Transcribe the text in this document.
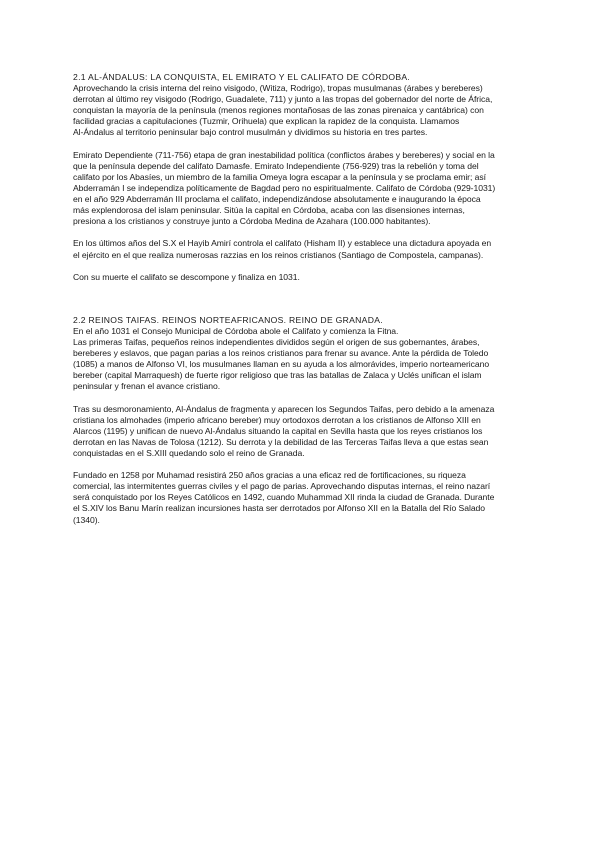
2.1 AL-ÁNDALUS: LA CONQUISTA, EL EMIRATO Y EL CALIFATO DE CÓRDOBA.

Aprovechando la crisis interna del reino visigodo, (Witiza, Rodrigo), tropas musulmanas (árabes y bereberes)
derrotan al último rey visigodo (Rodrigo, Guadalete, 711) y junto a las tropas del gobernador del norte de África,
conquistan la mayoría de la península (menos regiones montañosas de las zonas pirenaica y cantábrica) con
facilidad gracias a capitulaciones (Tuzmir, Orihuela) que explican la rapidez de la conquista. Llamamos
Al-Ándalus al territorio peninsular bajo control musulmán y dividimos su historia en tres partes.

Emirato Dependiente (711-756) etapa de gran inestabilidad política (conflictos árabes y bereberes) y social en la
que la península depende del califato Damasfe. Emirato Independiente (756-929) tras la rebelión y toma del
califato por los Abasíes, un miembro de la familia Omeya logra escapar a la península y se proclama emir; así
Abderramán I se independiza políticamente de Bagdad pero no espiritualmente. Califato de Córdoba (929-1031)
en el año 929 Abderramán III proclama el califato, independizándose absolutamente e inaugurando la época
más explendorosa del islam peninsular. Sitúa la capital en Córdoba, acaba con las disensiones internas,
presiona a los cristianos y construye junto a Córdoba Medina de Azahara (100.000 habitantes).

En los últimos años del S.X el Hayib Amirí controla el califato (Hisham II) y establece una dictadura apoyada en
el ejército en el que realiza numerosas razzias en los reinos cristianos (Santiago de Compostela, campanas).

Con su muerte el califato se descompone y finaliza en 1031.

2.2 REINOS TAIFAS. REINOS NORTEAFRICANOS. REINO DE GRANADA.

En el año 1031 el Consejo Municipal de Córdoba abole el Califato y comienza la Fitna.
Las primeras Taifas, pequeños reinos independientes divididos según el origen de sus gobernantes, árabes,
bereberes y eslavos, que pagan parias a los reinos cristianos para frenar su avance. Ante la pérdida de Toledo
(1085) a manos de Alfonso VI, los musulmanes llaman en su ayuda a los almorávides, imperio norteamericano
bereber (capital Marraquesh) de fuerte rigor religioso que tras las batallas de Zalaca y Uclés unifican el islam
peninsular y frenan el avance cristiano.

Tras su desmoronamiento, Al-Ándalus de fragmenta y aparecen los Segundos Taifas, pero debido a la amenaza
cristiana los almohades (imperio africano bereber) muy ortodoxos derrotan a los cristianos de Alfonso XIII en
Alarcos (1195) y unifican de nuevo Al-Ándalus situando la capital en Sevilla hasta que los reyes cristianos los
derrotan en las Navas de Tolosa (1212). Su derrota y la debilidad de las Terceras Taifas lleva a que estas sean
conquistadas en el S.XIII quedando solo el reino de Granada.

Fundado en 1258 por Muhamad resistirá 250 años gracias a una eficaz red de fortificaciones, su riqueza
comercial, las intermitentes guerras civiles y el pago de parias. Aprovechando disputas internas, el reino nazarí
será conquistado por los Reyes Católicos en 1492, cuando Muhammad XII rinda la ciudad de Granada. Durante
el S.XIV los Banu Marín realizan incursiones hasta ser derrotados por Alfonso XII en la Batalla del Río Salado
(1340).
